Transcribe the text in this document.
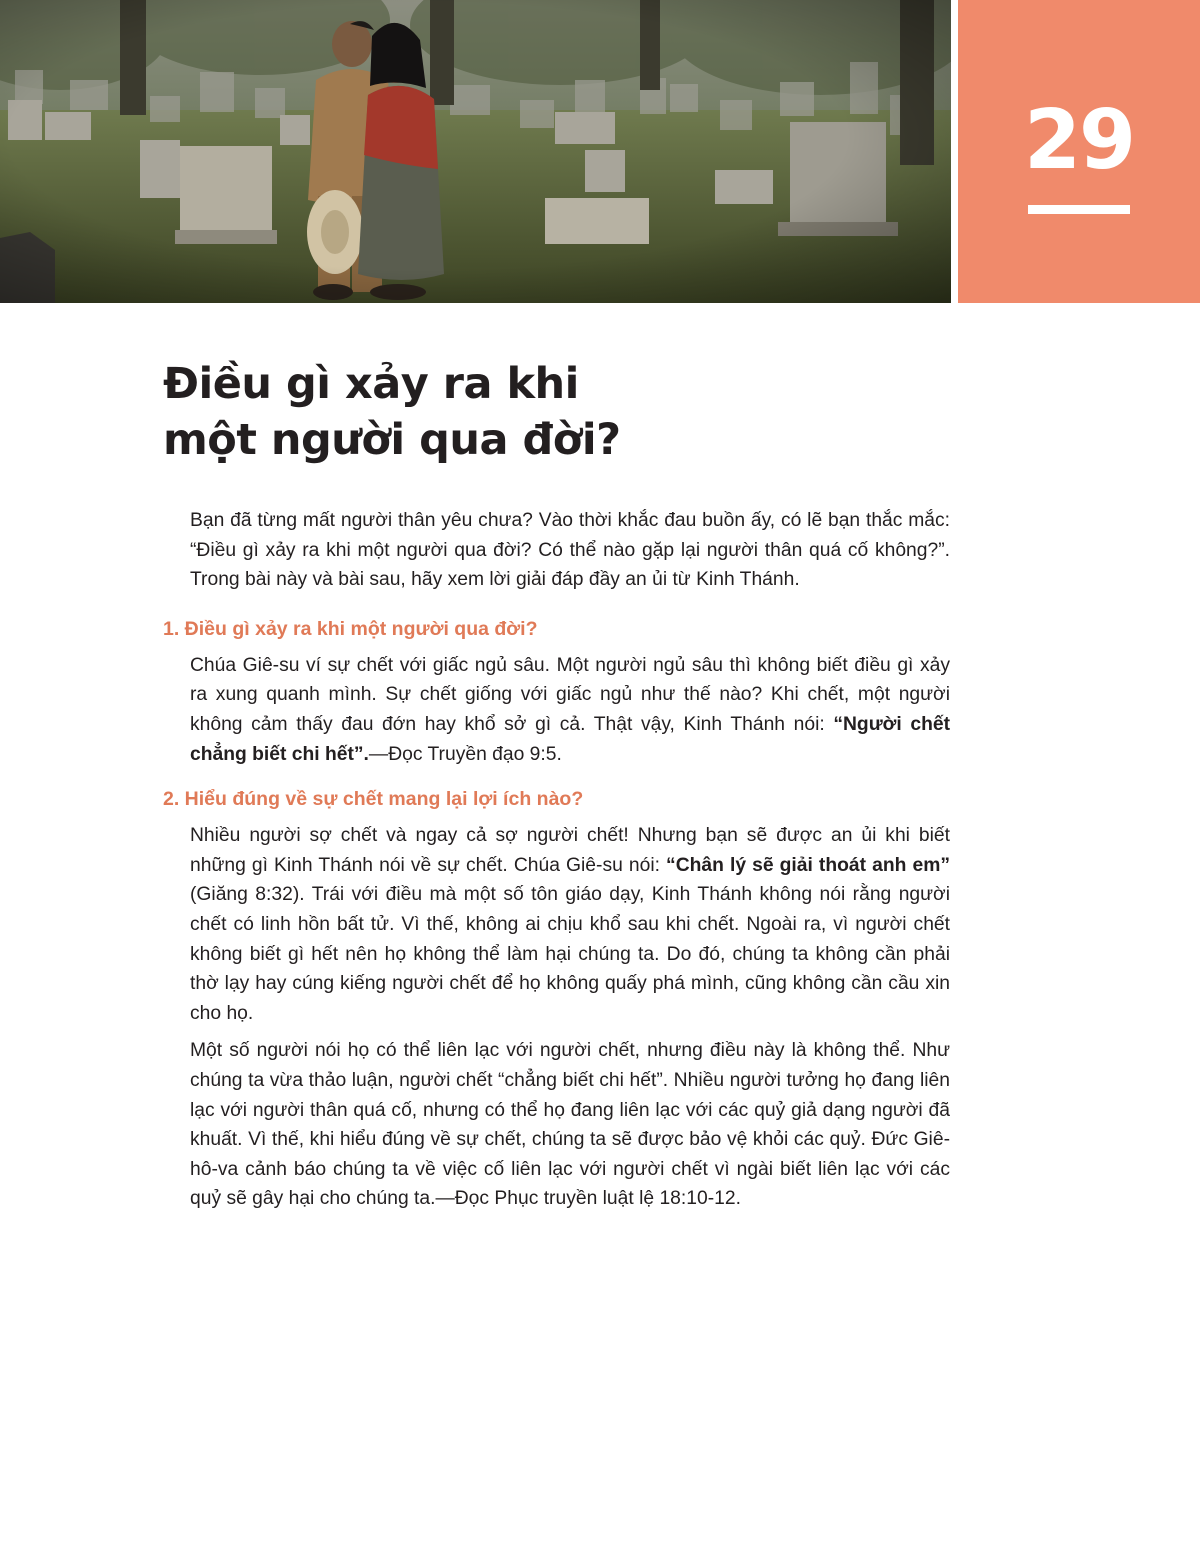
29
Điều gì xảy ra khi
một người qua đời?

Bạn đã từng mất người thân yêu chưa? Vào thời khắc đau buồn ấy, có lẽ bạn thắc mắc: “Điều gì xảy ra khi một người qua đời? Có thể nào gặp lại người thân quá cố không?”. Trong bài này và bài sau, hãy xem lời giải đáp đầy an ủi từ Kinh Thánh.

1. Điều gì xảy ra khi một người qua đời?

Chúa Giê-su ví sự chết với giấc ngủ sâu. Một người ngủ sâu thì không biết điều gì xảy ra xung quanh mình. Sự chết giống với giấc ngủ như thế nào? Khi chết, một người không cảm thấy đau đớn hay khổ sở gì cả. Thật vậy, Kinh Thánh nói: “Người chết chẳng biết chi hết”.—Đọc Truyền đạo 9:5.

2. Hiểu đúng về sự chết mang lại lợi ích nào?

Nhiều người sợ chết và ngay cả sợ người chết! Nhưng bạn sẽ được an ủi khi biết những gì Kinh Thánh nói về sự chết. Chúa Giê-su nói: “Chân lý sẽ giải thoát anh em” (Giăng 8:32). Trái với điều mà một số tôn giáo dạy, Kinh Thánh không nói rằng người chết có linh hồn bất tử. Vì thế, không ai chịu khổ sau khi chết. Ngoài ra, vì người chết không biết gì hết nên họ không thể làm hại chúng ta. Do đó, chúng ta không cần phải thờ lạy hay cúng kiếng người chết để họ không quấy phá mình, cũng không cần cầu xin cho họ.

Một số người nói họ có thể liên lạc với người chết, nhưng điều này là không thể. Như chúng ta vừa thảo luận, người chết “chẳng biết chi hết”. Nhiều người tưởng họ đang liên lạc với người thân quá cố, nhưng có thể họ đang liên lạc với các quỷ giả dạng người đã khuất. Vì thế, khi hiểu đúng về sự chết, chúng ta sẽ được bảo vệ khỏi các quỷ. Đức Giê-hô-va cảnh báo chúng ta về việc cố liên lạc với người chết vì ngài biết liên lạc với các quỷ sẽ gây hại cho chúng ta.—Đọc Phục truyền luật lệ 18:10-12.
